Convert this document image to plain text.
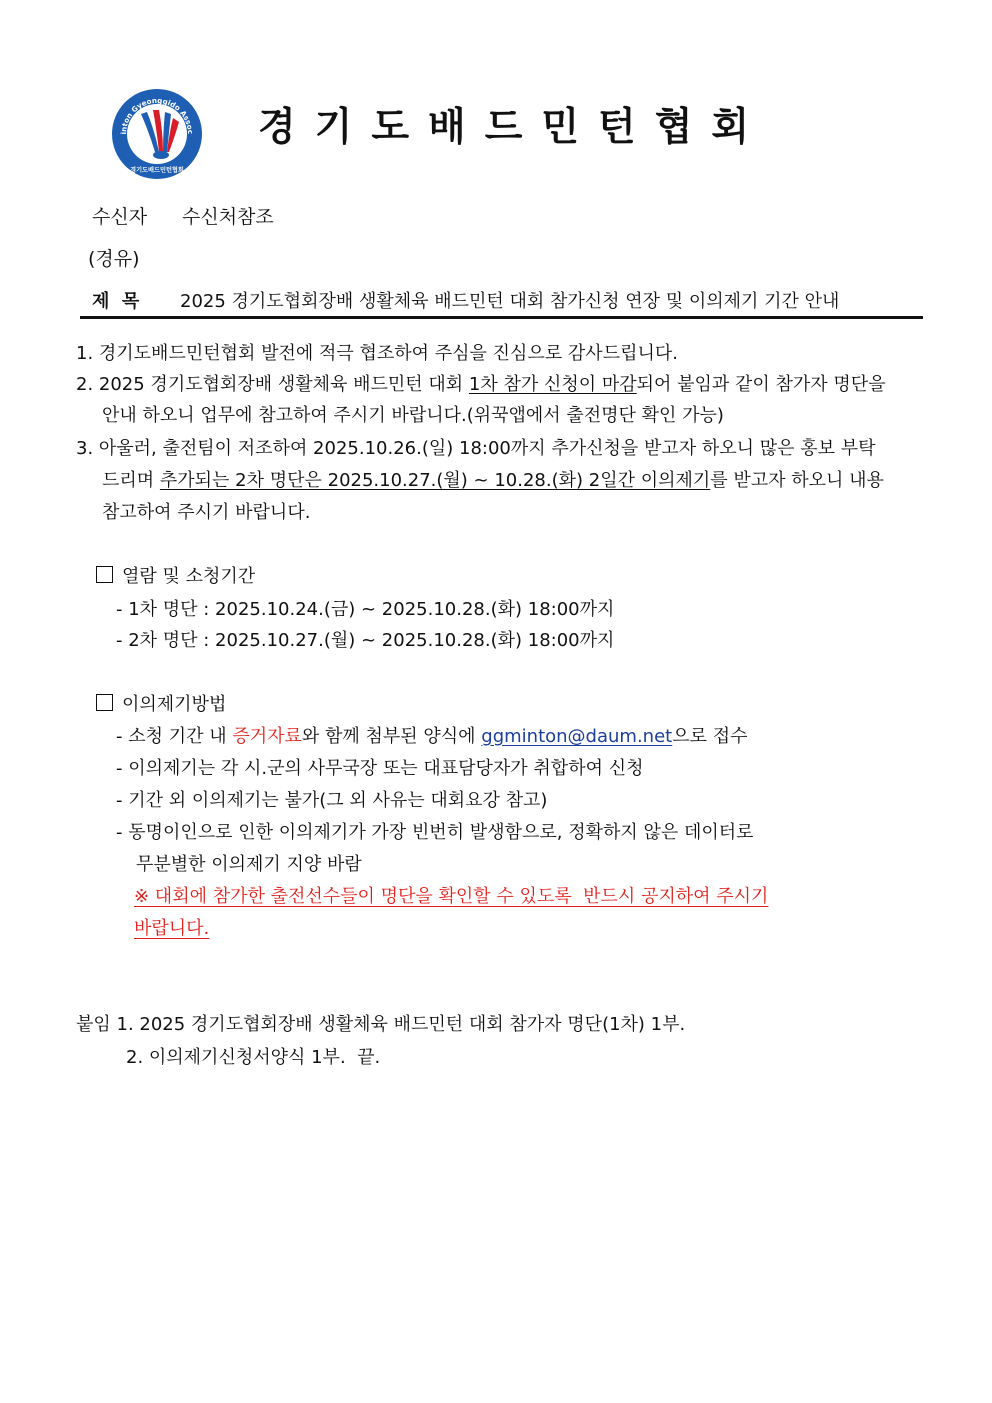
inton Gyeonggido Assoc
경기도배드민턴협회
경기도배드민턴협회
수신자 수신처참조
(경유)
제  목 2025 경기도협회장배 생활체육 배드민턴 대회 참가신청 연장 및 이의제기 기간 안내
1. 경기도배드민턴협회 발전에 적극 협조하여 주심을 진심으로 감사드립니다.
2. 2025 경기도협회장배 생활체육 배드민턴 대회 1차 참가 신청이 마감되어 붙임과 같이 참가자 명단을
안내 하오니 업무에 참고하여 주시기 바랍니다.(위꾹앱에서 출전명단 확인 가능)
3. 아울러, 출전팀이 저조하여 2025.10.26.(일) 18:00까지 추가신청을 받고자 하오니 많은 홍보 부탁
드리며 추가되는 2차 명단은 2025.10.27.(월) ~ 10.28.(화) 2일간 이의제기를 받고자 하오니 내용
참고하여 주시기 바랍니다.
열람 및 소청기간
- 1차 명단 : 2025.10.24.(금) ~ 2025.10.28.(화) 18:00까지
- 2차 명단 : 2025.10.27.(월) ~ 2025.10.28.(화) 18:00까지
이의제기방법
- 소청 기간 내 증거자료와 함께 첨부된 양식에 ggminton@daum.net으로 접수
- 이의제기는 각 시.군의 사무국장 또는 대표담당자가 취합하여 신청
- 기간 외 이의제기는 불가(그 외 사유는 대회요강 참고)
- 동명이인으로 인한 이의제기가 가장 빈번히 발생함으로, 정확하지 않은 데이터로
무분별한 이의제기 지양 바람
※ 대회에 참가한 출전선수들이 명단을 확인할 수 있도록  반드시 공지하여 주시기
바랍니다.
붙임 1. 2025 경기도협회장배 생활체육 배드민턴 대회 참가자 명단(1차) 1부.
2. 이의제기신청서양식 1부.  끝.
